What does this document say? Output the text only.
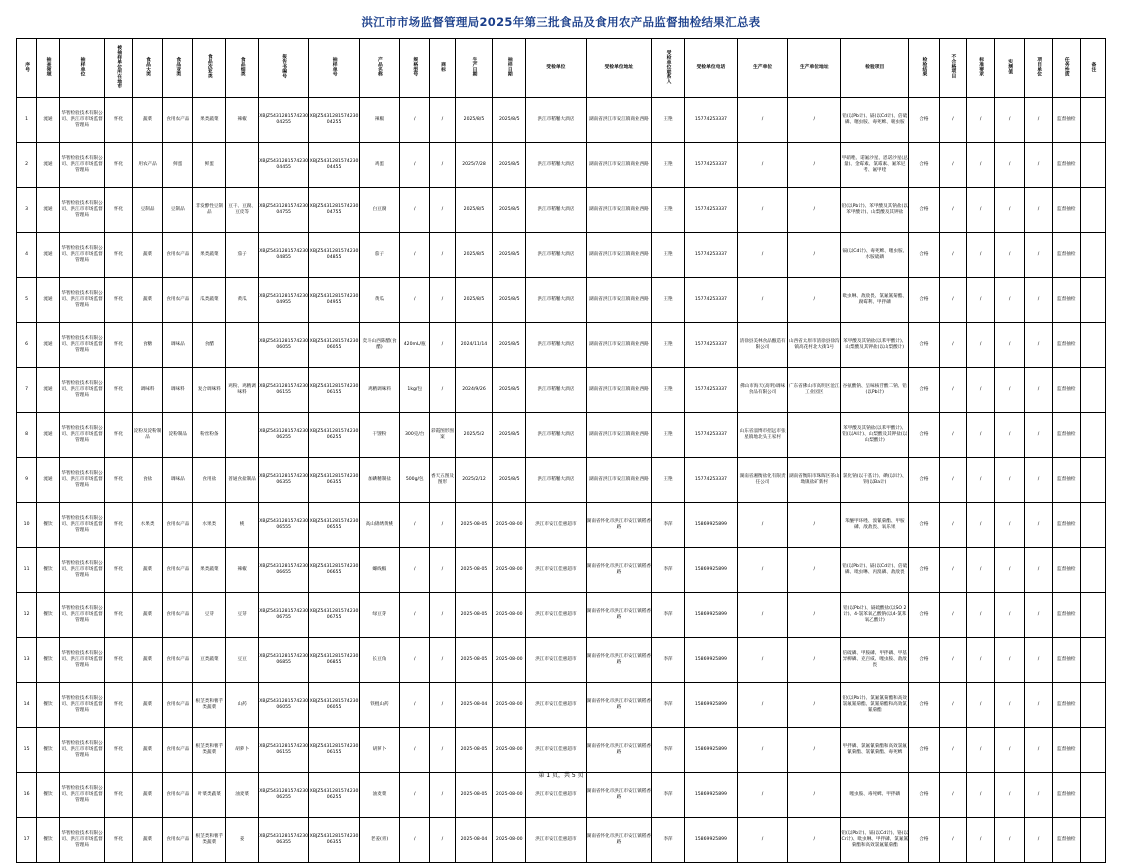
洪江市市场监督管理局2025年第三批食品及食用农产品监督抽检结果汇总表
序号	抽查领域	抽样单位	被抽样单位所在地市	食品大类	食品亚类	食品次亚类	食品细类	报告书编号	抽样单号	产品名称	规格型号	商标	生产日期	抽样日期	受检单位	受检单位地址	受检单位联系人	受检单位电话	生产单位	生产单位地址	检验项目	检验结果	不合格项目	标准要求	实测值	项目单位	任务性质	备注
1	流通	华智检验技术有限公司、洪江市市场监督管理局	怀化	蔬菜	食用农产品	果类蔬菜	辣椒	XBJZ543128157423004255	XBJZ543128157423004255	辣椒	/	/	2025/8/5	2025/8/5	洪江市稻鬈大酒店	湖南省洪江市安江镇商业西路	王艳	15774253337	/	/	铅(以Pb计)、镉(以Cd计)、倍硫磷、噻虫胺、毒死蜱、嘧虫胺	合格	/	/	/	/	监督抽检	
2	流通	华智检验技术有限公司、洪江市市场监督管理局	怀化	用农产品	鲜蛋	鲜蛋		XBJZ543128157423004455	XBJZ543128157423004455	鸡蛋	/	/	2025/7/28	2025/8/5	洪江市稻鬈大酒店	湖南省洪江市安江镇商业西路	王艳	15774253337	/	/	甲硝唑、诺氟沙星、恩诺沙星(总量)、金霉素、氯霉素、氟苯尼考、氟甲喹	合格	/	/	/	/	监督抽检	
3	流通	华智检验技术有限公司、洪江市市场监督管理局	怀化	豆制品	豆制品	非发酵性豆制品	豆干、豆腐、豆皮等	XBJZ543128157423004755	XBJZ543128157423004755	白豆腐	/	/	2025/8/5	2025/8/5	洪江市稻鬈大酒店	湖南省洪江市安江镇商业西路	王艳	15774253337	/	/	铅(以Pb计)、苯甲酸及其钠盐(以苯甲酸计)、山梨酸及其钾盐	合格	/	/	/	/	监督抽检	
4	流通	华智检验技术有限公司、洪江市市场监督管理局	怀化	蔬菜	食用农产品	果类蔬菜	茄子	XBJZ543128157423004855	XBJZ543128157423004855	茄子	/	/	2025/8/5	2025/8/5	洪江市稻鬈大酒店	湖南省洪江市安江镇商业西路	王艳	15774253337	/	/	镉(以Cd计)、毒死蜱、噻虫胺、水胺硫磷	合格	/	/	/	/	监督抽检	
5	流通	华智检验技术有限公司、洪江市市场监督管理局	怀化	蔬菜	食用农产品	瓜类蔬菜	黄瓜	XBJZ543128157423004955	XBJZ543128157423004955	黄瓜	/	/	2025/8/5	2025/8/5	洪江市稻鬈大酒店	湖南省洪江市安江镇商业西路	王艳	15774253337	/	/	吡虫啉、敌敌畏、氯氟氰菊酯、腐霉利、甲拌磷	合格	/	/	/	/	监督抽检	
6	流通	华智检验技术有限公司、洪江市市场监督管理局	怀化	食糖	调味品	食醋		XBJZ543128157423006055	XBJZ543128157423006055	奕斗山西陈醋(食醋)	420mL/瓶	/	2024/11/14	2025/8/5	洪江市稻鬈大酒店	湖南省洪江市安江镇商业西路	王艳	15774253337	清徐县美林食品酿造有限公司	山西省太原市清徐县徐沟镇高花村北大街1号	苯甲酸及其钠盐(以苯甲酸计)、山梨酸及其钾盐(以山梨酸计)	合格	/	/	/	/	监督抽检	
7	流通	华智检验技术有限公司、洪江市市场监督管理局	怀化	调味料	调味料	复合调味料	鸡粉、鸡精调味料	XBJZ543128157423006155	XBJZ543128157423006155	鸡精调味料	1kg/包	/	2024/9/26	2025/8/5	洪江市稻鬈大酒店	湖南省洪江市安江镇商业西路	王艳	15774253337	佛山市海天(高明)调味食品有限公司	广东省佛山市高明区沧江工业园区	谷氨酸钠、呈味核苷酸二钠、铅(以Pb计)	合格	/	/	/	/	监督抽检	
8	流通	华智检验技术有限公司、洪江市市场监督管理局	怀化	淀粉及淀粉制品	淀粉制品	粉丝粉条		XBJZ543128157423006255	XBJZ543128157423006255	干馊粉	300克/台	彩霞图形图案	2025/5/2	2025/8/5	洪江市稻鬈大酒店	湖南省洪江市安江镇商业西路	王艳	15774253337	山东省淄博市招远市张星镇地北头王家村		苯甲酸及其钠盐(以苯甲酸计)、铝(以Al计)、山梨酸及其钾盐(以山梨酸计)	合格	/	/	/	/	监督抽检	
9	流通	华智检验技术有限公司、洪江市市场监督管理局	怀化	食盐	调味品	食用盐	普通食盐制品	XBJZ543128157423006355	XBJZ543128157423006355	加碘精制盐	500g/包	香天五图及图形	2025/2/12	2025/8/5	洪江市稻鬈大酒店	湖南省洪江市安江镇商业西路	王艳	15774253337	湖南省湘衡盐化有限责任公司	湖南省衡阳市珠晖区茶山坳镇盐矿新村	氯化钠(以干基计)、碘(以I计)、钡(以Ba计)	合格	/	/	/	/	监督抽检	
10	餐饮	华智检验技术有限公司、洪江市市场监督管理局	怀化	水果类	食用农产品	水果类	桃	XBJZ543128157423006555	XBJZ543128157423006555	高山锦绣黄桃	/	/	2025-08-05	2025-08-00	洪江市安江佳惠超市	湖南省怀化市洪江市安江镇稻香路	李萍	15869925899	/	/	苯醚甲环唑、溴氰菊酯、甲胺磷、敌敌畏、氧乐果	合格	/	/	/	/	监督抽检	
11	餐饮	华智检验技术有限公司、洪江市市场监督管理局	怀化	蔬菜	食用农产品	果类蔬菜	辣椒	XBJZ543128157423006655	XBJZ543128157423006655	螺线椒	/	/	2025-08-05	2025-08-00	洪江市安江佳惠超市	湖南省怀化市洪江市安江镇稻香路	李萍	15869925899	/	/	铅(以Pb计)、镉(以Cd计)、倍硫磷、吡虫啉、丙溴磷、敌敌畏	合格	/	/	/	/	监督抽检	
12	餐饮	华智检验技术有限公司、洪江市市场监督管理局	怀化	蔬菜	食用农产品	豆芽	豆芽	XBJZ543128157423006755	XBJZ543128157423006755	绿豆芽	/	/	2025-08-05	2025-08-00	洪江市安江佳惠超市	湖南省怀化市洪江市安江镇稻香路	李萍	15869925899	/	/	铅(以Pb计)、镉硫酸盐(以SO 2计)、4-氯苯氧乙酸钠(以4-氯苯氧乙酸计)	合格	/	/	/	/	监督抽检	
13	餐饮	华智检验技术有限公司、洪江市市场监督管理局	怀化	蔬菜	食用农产品	豆类蔬菜	豆豆	XBJZ543128157423006855	XBJZ543128157423006855	长豆角	/	/	2025-08-05	2025-08-00	洪江市安江佳惠超市	湖南省怀化市洪江市安江镇稻香路	李萍	15869925899	/	/	倍硫磷、甲胺磷、甲拌磷、甲基异柳磷、克百威、噻虫胺、敌敌畏	合格	/	/	/	/	监督抽检	
14	餐饮	华智检验技术有限公司、洪江市市场监督管理局	怀化	蔬菜	食用农产品	根茎类和薯芋类蔬菜	山药	XBJZ543128157423006055	XBJZ543128157423006055	铁棍山药	/	/	2025-08-04	2025-08-00	洪江市安江佳惠超市	湖南省怀化市洪江市安江镇稻香路	李萍	15869925899	/	/	铅(以Pb计)、氯氟氰菊酯和高效氯氟氰菊酯、氯氰菊酯和高效氯氰菊酯	合格	/	/	/	/	监督抽检	
15	餐饮	华智检验技术有限公司、洪江市市场监督管理局	怀化	蔬菜	食用农产品	根茎类和薯芋类蔬菜	胡萝卜	XBJZ543128157423006155	XBJZ543128157423006155	胡萝卜	/	/	2025-08-05	2025-08-00	洪江市安江佳惠超市	湖南省怀化市洪江市安江镇稻香路	李萍	15869925899	/	/	甲拌磷、氯氟氰菊酯和高效氯氟氰菊酯、氯氰菊酯、毒死蜱	合格	/	/	/	/	监督抽检	
16	餐饮	华智检验技术有限公司、洪江市市场监督管理局	怀化	蔬菜	食用农产品	叶菜类蔬菜	油麦菜	XBJZ543128157423006255	XBJZ543128157423006255	油麦菜	/	/	2025-08-05	2025-08-00	洪江市安江佳惠超市	湖南省怀化市洪江市安江镇稻香路	李萍	15869925899	/	/	噻虫胺、毒死蜱、甲拌磷	合格	/	/	/	/	监督抽检	
17	餐饮	华智检验技术有限公司、洪江市市场监督管理局	怀化	蔬菜	食用农产品	根茎类和薯芋类蔬菜	姜	XBJZ543128157423006355	XBJZ543128157423006355	老姜(青)	/	/	2025-08-04	2025-08-00	洪江市安江佳惠超市	湖南省怀化市洪江市安江镇稻香路	李萍	15869925899	/	/	铅(以Pb计)、镉(以Cd计)、铬(以Cr计)、吡虫啉、甲拌磷、氯氟氰菊酯和高效氯氟氰菊酯	合格	/	/	/	/	监督抽检	
第 1 页，共 5 页
